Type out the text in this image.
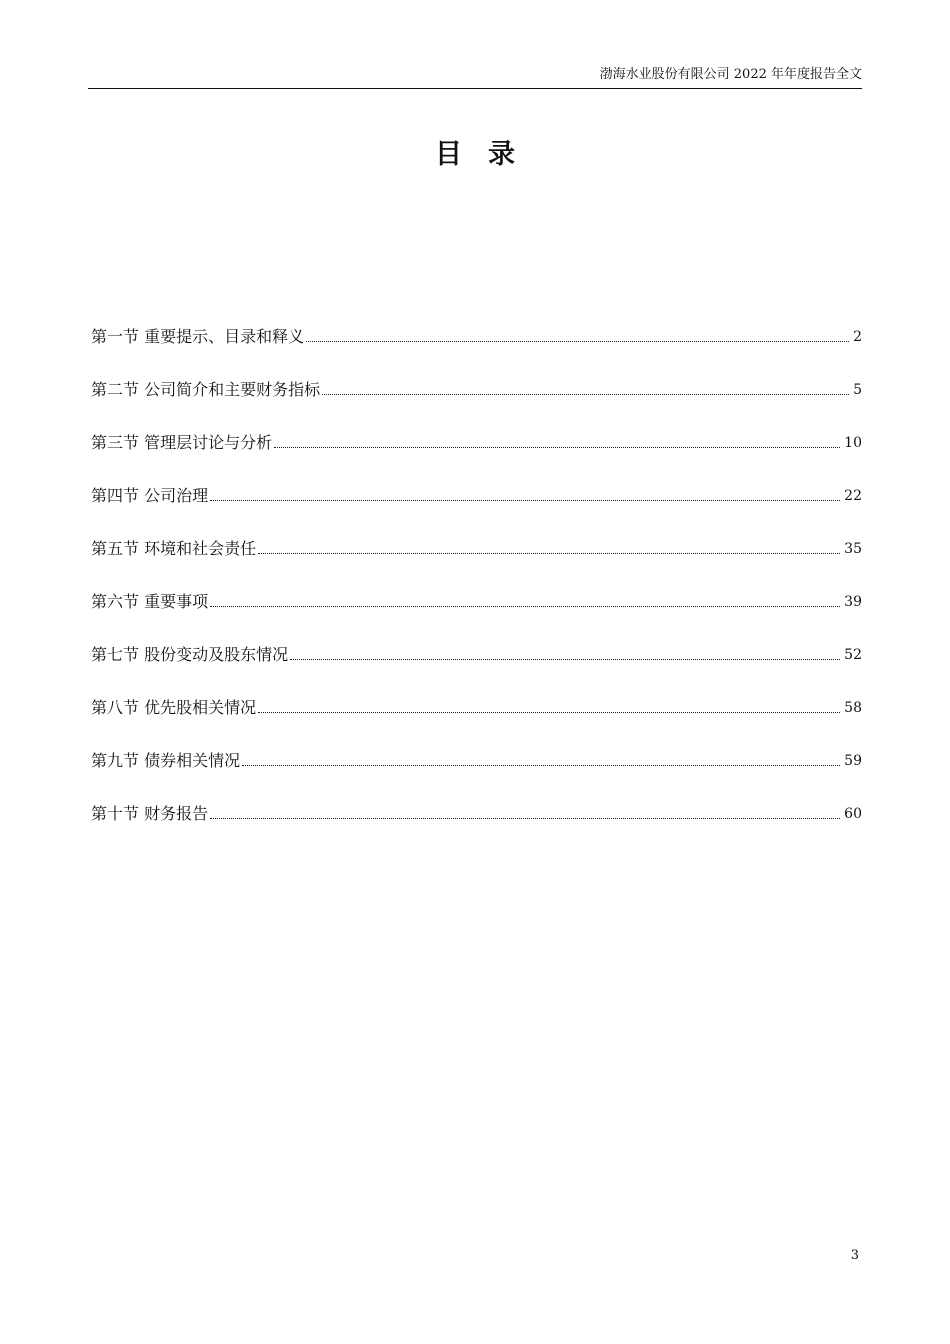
渤海水业股份有限公司 2022 年年度报告全文
目录
第一节 重要提示、目录和释义	2
第二节 公司简介和主要财务指标	5
第三节 管理层讨论与分析	10
第四节 公司治理	22
第五节 环境和社会责任	35
第六节 重要事项	39
第七节 股份变动及股东情况	52
第八节 优先股相关情况	58
第九节 债券相关情况	59
第十节 财务报告	60
3
